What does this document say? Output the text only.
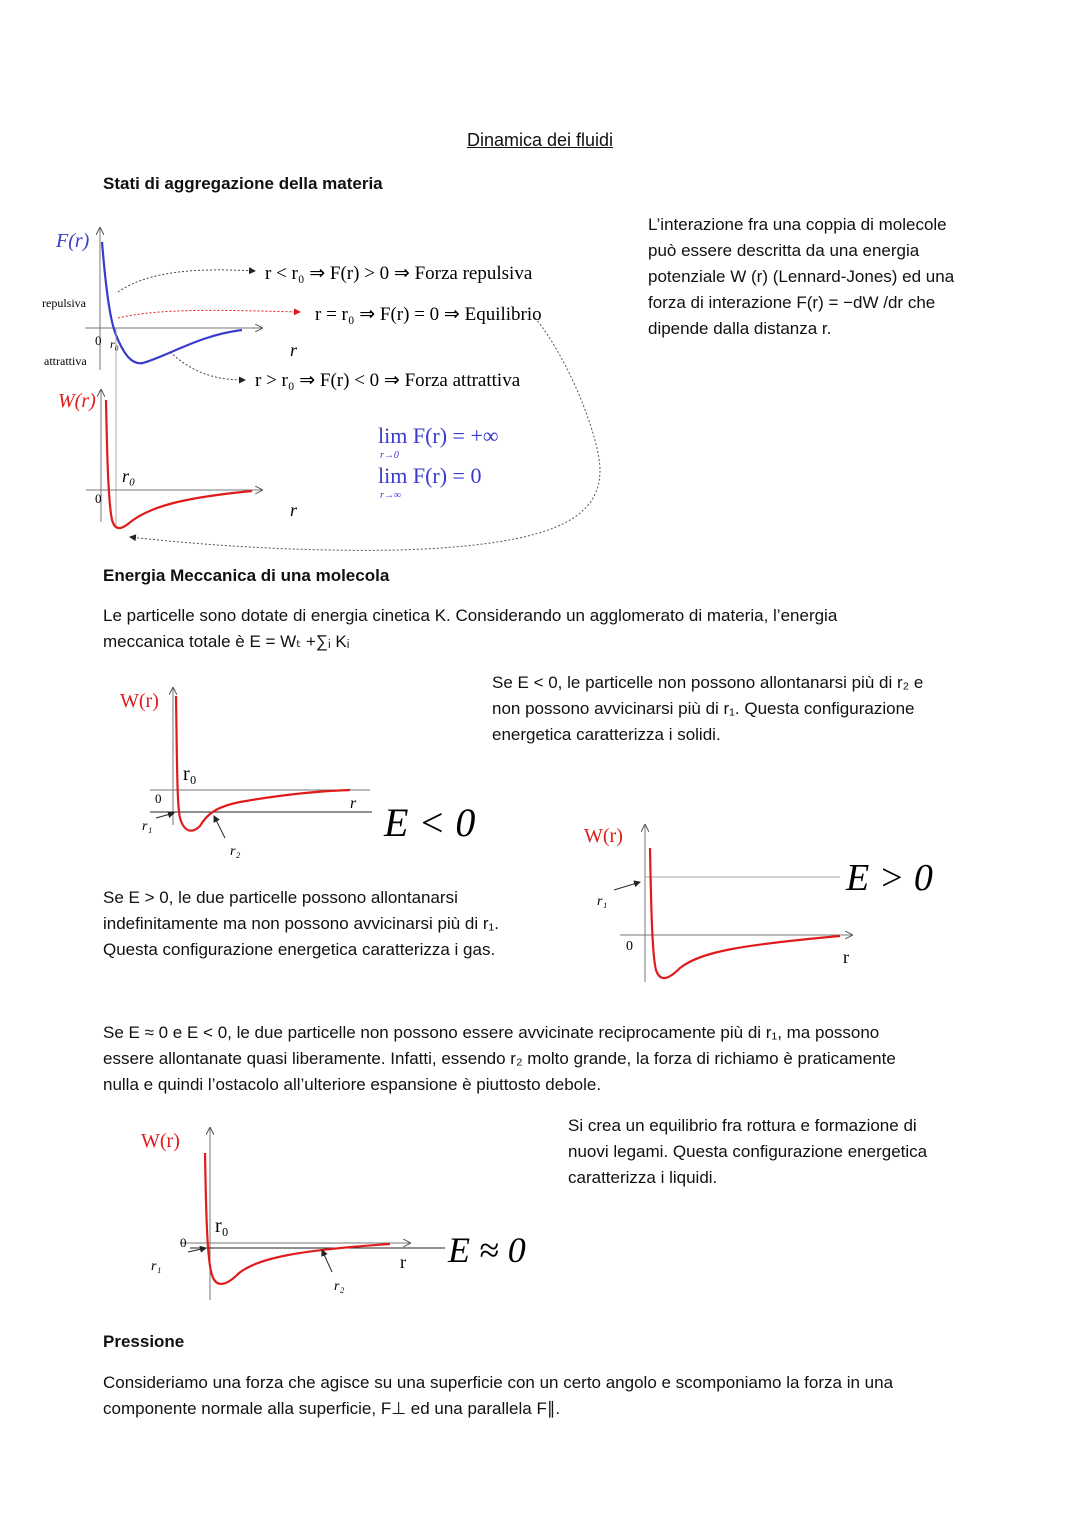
Dinamica dei fluidi
Stati di aggregazione della materia
L’interazione fra una coppia di molecole
può essere descritta da una energia
potenziale W (r) (Lennard-Jones) ed una
forza di interazione F(r) = −dW /dr che
dipende dalla distanza r.
F(r)
repulsiva
0 r₀
attrattiva
r
W(r)
r₀
0
r
r < r₀ ⇒ F(r) > 0 ⇒ Forza repulsiva
r = r₀ ⇒ F(r) = 0 ⇒ Equilibrio
r > r₀ ⇒ F(r) < 0 ⇒ Forza attrattiva
lim F(r) = +∞
r→0
lim F(r) = 0
r→∞
W(r)
r₀
0	r
r₁
r₂
E < 0	W(r)
r₁
0
r
E > 0
W(r)
r₀
0
r
r₁
r₂
E ≈ 0
Energia Meccanica di una molecola
Le particelle sono dotate di energia cinetica K. Considerando un agglomerato di materia, l’energia
meccanica totale è E = Wₜ +∑ᵢ Kᵢ
Se E < 0, le particelle non possono allontanarsi più di r₂ e
non possono avvicinarsi più di r₁. Questa configurazione
energetica caratterizza i solidi.
Se E > 0, le due particelle possono allontanarsi
indefinitamente ma non possono avvicinarsi più di r₁.
Questa configurazione energetica caratterizza i gas.
Se E ≈ 0 e E < 0, le due particelle non possono essere avvicinate reciprocamente più di r₁, ma possono
essere allontanate quasi liberamente. Infatti, essendo r₂ molto grande, la forza di richiamo è praticamente
nulla e quindi l’ostacolo all’ulteriore espansione è piuttosto debole.
Si crea un equilibrio fra rottura e formazione di
nuovi legami. Questa configurazione energetica
caratterizza i liquidi.
Pressione
Consideriamo una forza che agisce su una superficie con un certo angolo e scomponiamo la forza in una
componente normale alla superficie, F⊥ ed una parallela F∥.
